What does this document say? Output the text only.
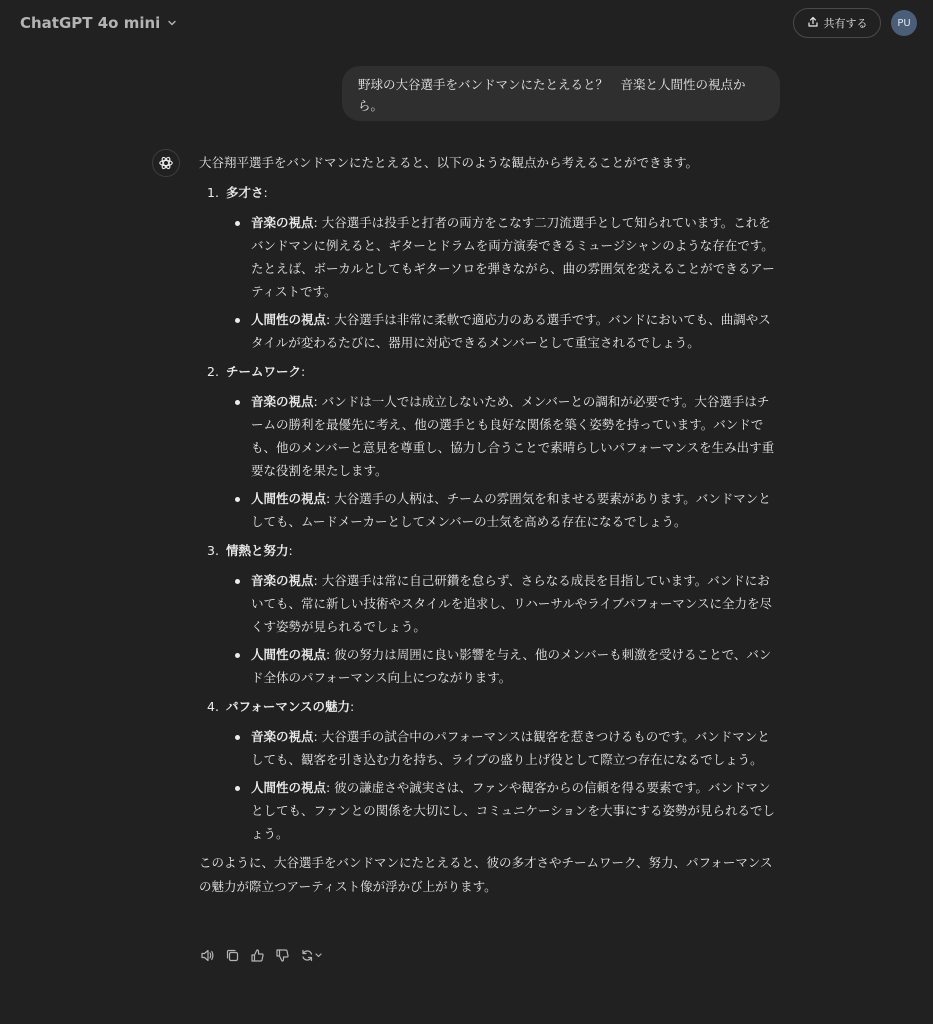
ChatGPT 4o mini	共有する	PU
野球の大谷選手をバンドマンにたとえると？　音楽と人間性の視点から。

大谷翔平選手をバンドマンにたとえると、以下のような観点から考えることができます。

1. 多才さ:

音楽の視点: 大谷選手は投手と打者の両方をこなす二刀流選手として知られています。これをバンドマンに例えると、ギターとドラムを両方演奏できるミュージシャンのような存在です。たとえば、ボーカルとしてもギターソロを弾きながら、曲の雰囲気を変えることができるアーティストです。
人間性の視点: 大谷選手は非常に柔軟で適応力のある選手です。バンドにおいても、曲調やスタイルが変わるたびに、器用に対応できるメンバーとして重宝されるでしょう。
2. チームワーク:

音楽の視点: バンドは一人では成立しないため、メンバーとの調和が必要です。大谷選手はチームの勝利を最優先に考え、他の選手とも良好な関係を築く姿勢を持っています。バンドでも、他のメンバーと意見を尊重し、協力し合うことで素晴らしいパフォーマンスを生み出す重要な役割を果たします。
人間性の視点: 大谷選手の人柄は、チームの雰囲気を和ませる要素があります。バンドマンとしても、ムードメーカーとしてメンバーの士気を高める存在になるでしょう。
3. 情熱と努力:

音楽の視点: 大谷選手は常に自己研鑽を怠らず、さらなる成長を目指しています。バンドにおいても、常に新しい技術やスタイルを追求し、リハーサルやライブパフォーマンスに全力を尽くす姿勢が見られるでしょう。
人間性の視点: 彼の努力は周囲に良い影響を与え、他のメンバーも刺激を受けることで、バンド全体のパフォーマンス向上につながります。
4. パフォーマンスの魅力:

音楽の視点: 大谷選手の試合中のパフォーマンスは観客を惹きつけるものです。バンドマンとしても、観客を引き込む力を持ち、ライブの盛り上げ役として際立つ存在になるでしょう。
人間性の視点: 彼の謙虚さや誠実さは、ファンや観客からの信頼を得る要素です。バンドマンとしても、ファンとの関係を大切にし、コミュニケーションを大事にする姿勢が見られるでしょう。

このように、大谷選手をバンドマンにたとえると、彼の多才さやチームワーク、努力、パフォーマンスの魅力が際立つアーティスト像が浮かび上がります。
